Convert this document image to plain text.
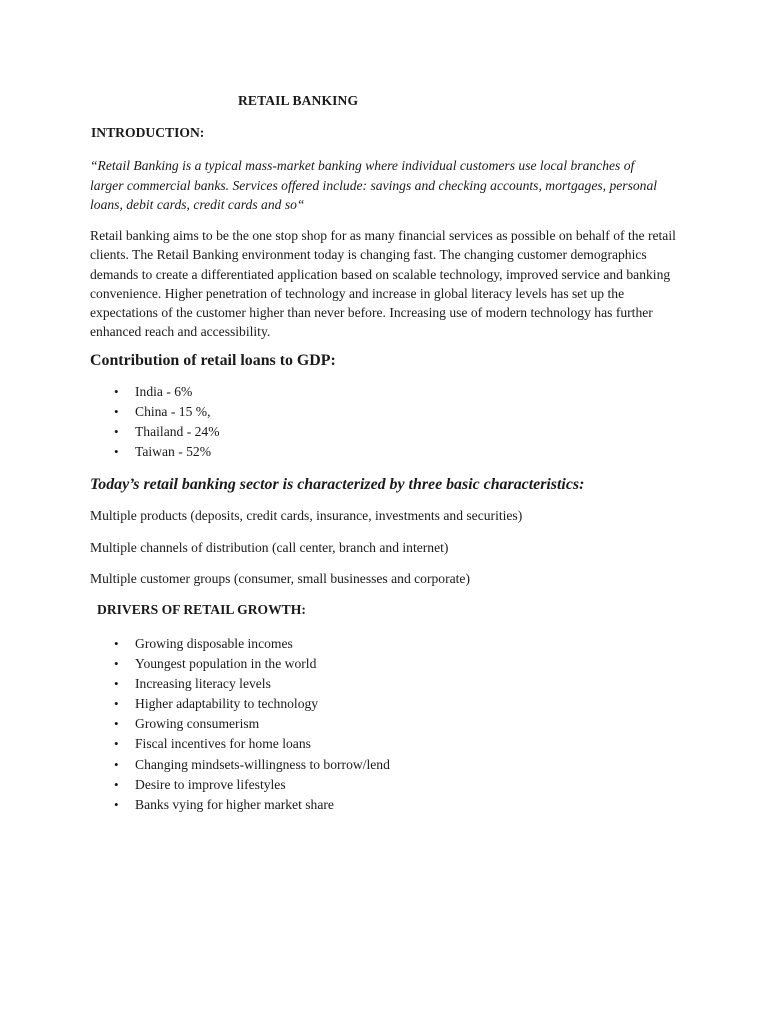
RETAIL BANKING
INTRODUCTION:

“Retail Banking is a typical mass-market banking where individual customers use local branches of larger commercial banks. Services offered include: savings and checking accounts, mortgages, personal loans, debit cards, credit cards and so“

Retail banking aims to be the one stop shop for as many financial services as possible on behalf of the retail clients. The Retail Banking environment today is changing fast. The changing customer demographics demands to create a differentiated application based on scalable technology, improved service and banking convenience. Higher penetration of technology and increase in global literacy levels has set up the expectations of the customer higher than never before. Increasing use of modern technology has further enhanced reach and accessibility.

Contribution of retail loans to GDP:
• India - 6%
• China - 15 %,
• Thailand - 24%
• Taiwan - 52%
Today’s retail banking sector is characterized by three basic characteristics:

Multiple products (deposits, credit cards, insurance, investments and securities)

Multiple channels of distribution (call center, branch and internet)

Multiple customer groups (consumer, small businesses and corporate)

DRIVERS OF RETAIL GROWTH:
• Growing disposable incomes
• Youngest population in the world
• Increasing literacy levels
• Higher adaptability to technology
• Growing consumerism
• Fiscal incentives for home loans
• Changing mindsets-willingness to borrow/lend
• Desire to improve lifestyles
• Banks vying for higher market share
